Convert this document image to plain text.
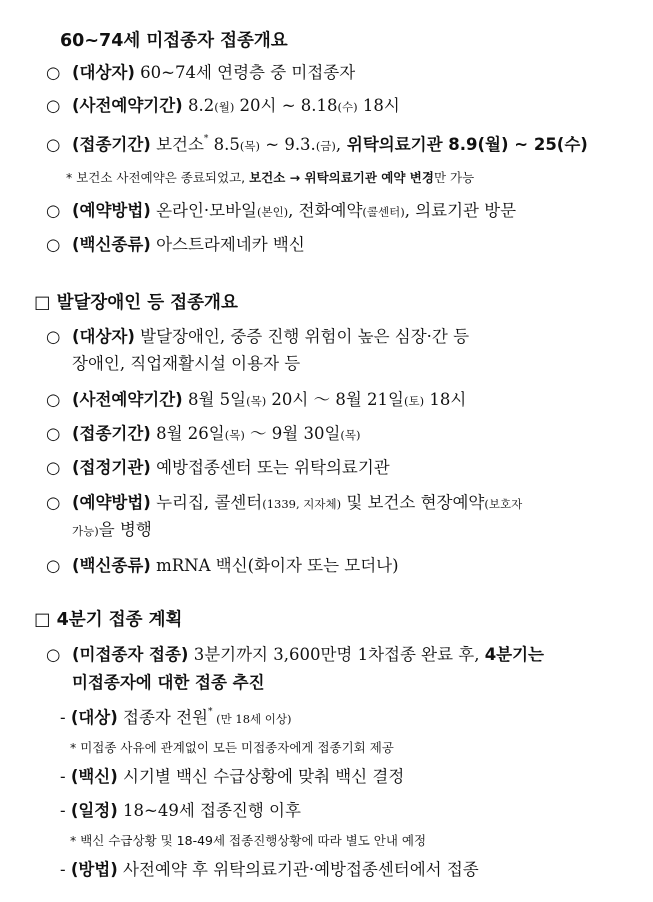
60~74세 미접종자 접종개요
○ (대상자) 60~74세 연령층 중 미접종자
○ (사전예약기간) 8.2(월) 20시 ~ 8.18(수) 18시
○ (접종기간) 보건소* 8.5(목) ~ 9.3.(금), 위탁의료기관 8.9(월) ~ 25(수)
* 보건소 사전예약은 종료되었고, 보건소 → 위탁의료기관 예약 변경만 가능
○ (예약방법) 온라인·모바일(본인), 전화예약(콜센터), 의료기관 방문
○ (백신종류) 아스트라제네카 백신
□ 발달장애인 등 접종개요
○ (대상자) 발달장애인, 중증 진행 위험이 높은 심장·간 등
장애인, 직업재활시설 이용자 등
○ (사전예약기간) 8월 5일(목) 20시 ～ 8월 21일(토) 18시
○ (접종기간) 8월 26일(목) ～ 9월 30일(목)
○ (접정기관) 예방접종센터 또는 위탁의료기관
○ (예약방법) 누리집, 콜센터(1339, 지자체) 및 보건소 현장예약(보호자
가능)을 병행
○ (백신종류) mRNA 백신(화이자 또는 모더나)
□ 4분기 접종 계획
○ (미접종자 접종) 3분기까지 3,600만명 1차접종 완료 후, 4분기는
미접종자에 대한 접종 추진
- (대상) 접종자 전원* (만 18세 이상)
* 미접종 사유에 관계없이 모든 미접종자에게 접종기회 제공
- (백신) 시기별 백신 수급상황에 맞춰 백신 결정
- (일정) 18~49세 접종진행 이후
* 백신 수급상황 및 18-49세 접종진행상황에 따라 별도 안내 예정
- (방법) 사전예약 후 위탁의료기관·예방접종센터에서 접종
